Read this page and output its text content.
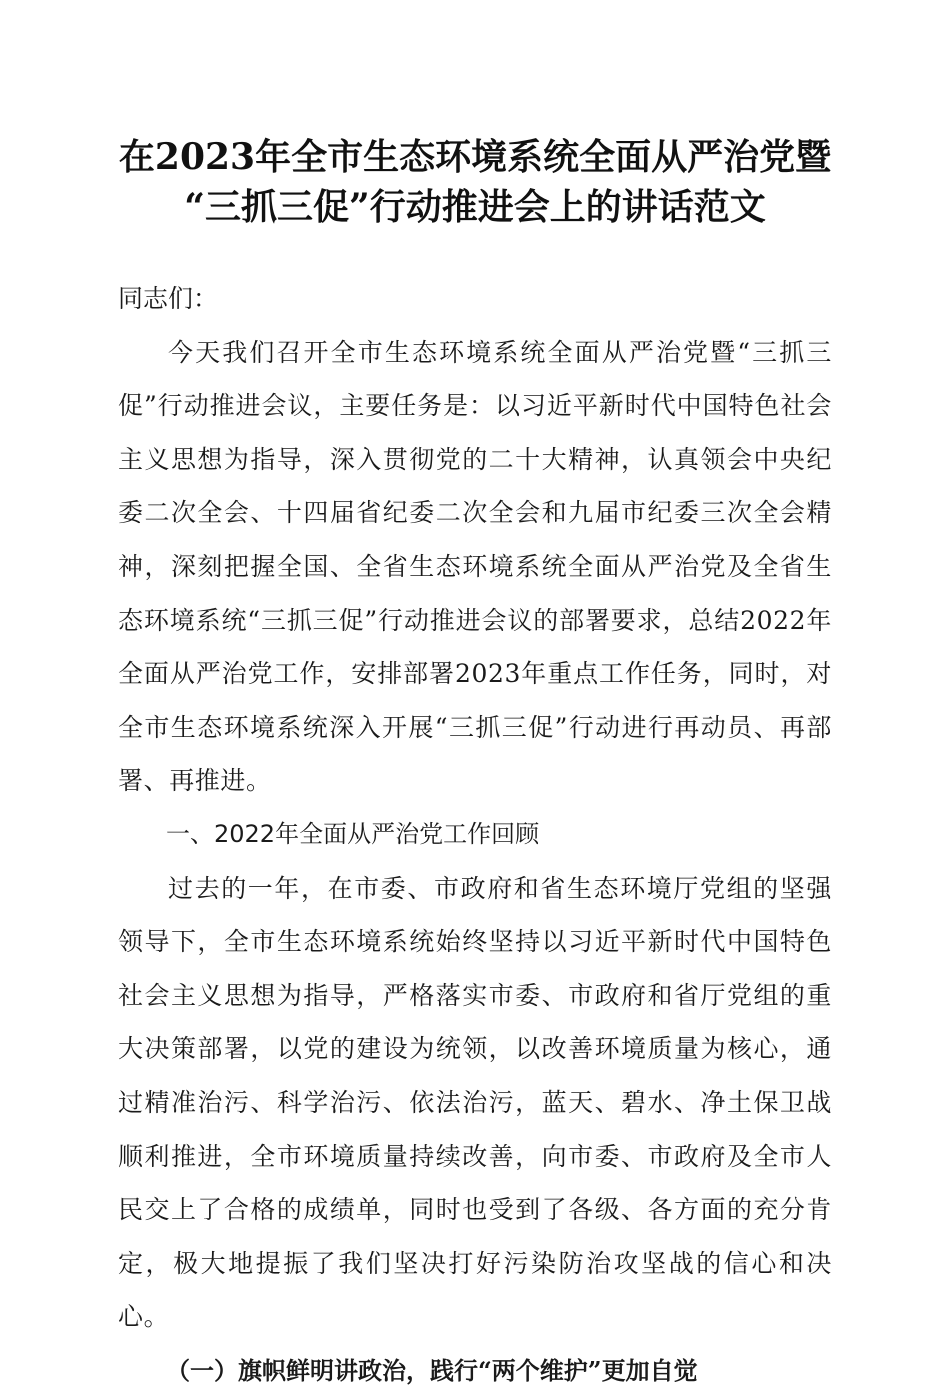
在2023年全市生态环境系统全面从严治党暨
“三抓三促”行动推进会上的讲话范文

同志们：

今天我们召开全市生态环境系统全面从严治党暨“三抓三促”行动推进会议，主要任务是：以习近平新时代中国特色社会主义思想为指导，深入贯彻党的二十大精神，认真领会中央纪委二次全会、十四届省纪委二次全会和九届市纪委三次全会精神，深刻把握全国、全省生态环境系统全面从严治党及全省生态环境系统“三抓三促”行动推进会议的部署要求，总结2022年全面从严治党工作，安排部署2023年重点工作任务，同时，对全市生态环境系统深入开展“三抓三促”行动进行再动员、再部署、再推进。

一、2022年全面从严治党工作回顾

过去的一年，在市委、市政府和省生态环境厅党组的坚强领导下，全市生态环境系统始终坚持以习近平新时代中国特色社会主义思想为指导，严格落实市委、市政府和省厅党组的重大决策部署，以党的建设为统领，以改善环境质量为核心，通过精准治污、科学治污、依法治污，蓝天、碧水、净土保卫战顺利推进，全市环境质量持续改善，向市委、市政府及全市人民交上了合格的成绩单，同时也受到了各级、各方面的充分肯定，极大地提振了我们坚决打好污染防治攻坚战的信心和决心。

（一）旗帜鲜明讲政治，践行“两个维护”更加自觉
